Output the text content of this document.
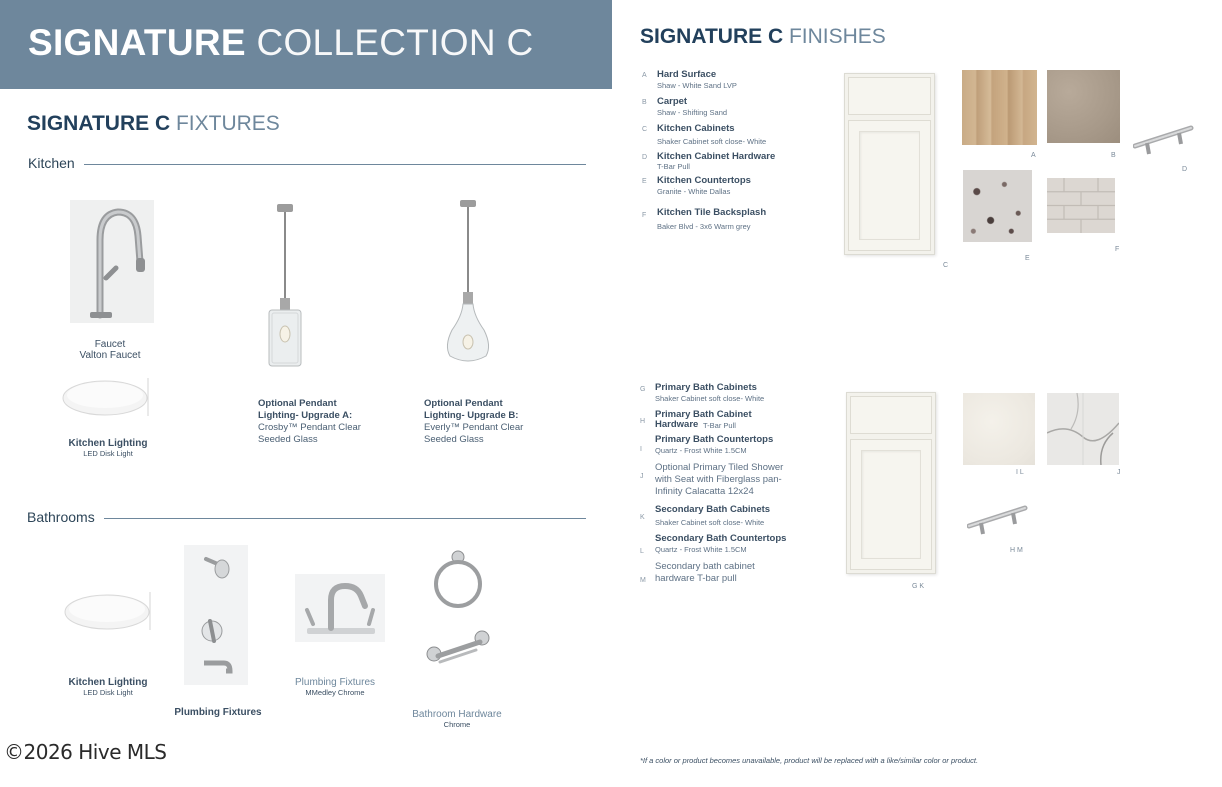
SIGNATURE COLLECTION C
SIGNATURE C FIXTURES
Kitchen
Faucet
Valton Faucet
Kitchen Lighting
LED Disk Light
Optional Pendant
Lighting- Upgrade A:
Crosby™ Pendant Clear
Seeded Glass
Optional Pendant
Lighting- Upgrade B:
Everly™ Pendant Clear
Seeded Glass
Bathrooms
Kitchen Lighting
LED Disk Light
Plumbing Fixtures
Plumbing Fixtures
MMedley Chrome
Bathroom Hardware
Chrome
SIGNATURE C FINISHES
A Hard Surface
Shaw - White Sand LVP
B Carpet
Shaw - Shifting Sand
C Kitchen Cabinets
Shaker Cabinet soft close- White
D Kitchen Cabinet Hardware
T-Bar Pull
E Kitchen Countertops
Granite - White Dallas
F Kitchen Tile Backsplash
Baker Blvd - 3x6 Warm grey
C
A	B
D
E
F
G Primary Bath Cabinets
Shaker Cabinet soft close- White
H
Primary Bath Cabinet
Hardware T-Bar Pull
I
Primary Bath Countertops
Quartz - Frost White 1.5CM
J
Optional Primary Tiled Shower
with Seat with Fiberglass pan-
Infinity Calacatta 12x24
K
Secondary Bath Cabinets
Shaker Cabinet soft close- White
L
Secondary Bath Countertops
Quartz - Frost White 1.5CM
M
Secondary bath cabinet
hardware T-bar pull
G K
I L	J
H M
*If a color or product becomes unavailable, product will be replaced with a like/similar color or product.
©2026 Hive MLS
